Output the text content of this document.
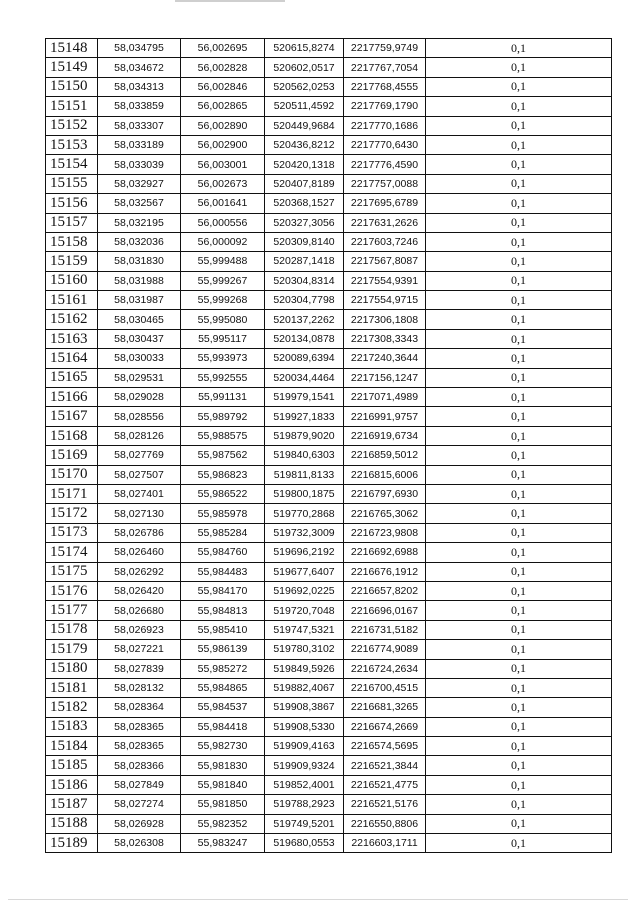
15148	58,034795	56,002695	520615,8274	2217759,9749	0,1
15149	58,034672	56,002828	520602,0517	2217767,7054	0,1
15150	58,034313	56,002846	520562,0253	2217768,4555	0,1
15151	58,033859	56,002865	520511,4592	2217769,1790	0,1
15152	58,033307	56,002890	520449,9684	2217770,1686	0,1
15153	58,033189	56,002900	520436,8212	2217770,6430	0,1
15154	58,033039	56,003001	520420,1318	2217776,4590	0,1
15155	58,032927	56,002673	520407,8189	2217757,0088	0,1
15156	58,032567	56,001641	520368,1527	2217695,6789	0,1
15157	58,032195	56,000556	520327,3056	2217631,2626	0,1
15158	58,032036	56,000092	520309,8140	2217603,7246	0,1
15159	58,031830	55,999488	520287,1418	2217567,8087	0,1
15160	58,031988	55,999267	520304,8314	2217554,9391	0,1
15161	58,031987	55,999268	520304,7798	2217554,9715	0,1
15162	58,030465	55,995080	520137,2262	2217306,1808	0,1
15163	58,030437	55,995117	520134,0878	2217308,3343	0,1
15164	58,030033	55,993973	520089,6394	2217240,3644	0,1
15165	58,029531	55,992555	520034,4464	2217156,1247	0,1
15166	58,029028	55,991131	519979,1541	2217071,4989	0,1
15167	58,028556	55,989792	519927,1833	2216991,9757	0,1
15168	58,028126	55,988575	519879,9020	2216919,6734	0,1
15169	58,027769	55,987562	519840,6303	2216859,5012	0,1
15170	58,027507	55,986823	519811,8133	2216815,6006	0,1
15171	58,027401	55,986522	519800,1875	2216797,6930	0,1
15172	58,027130	55,985978	519770,2868	2216765,3062	0,1
15173	58,026786	55,985284	519732,3009	2216723,9808	0,1
15174	58,026460	55,984760	519696,2192	2216692,6988	0,1
15175	58,026292	55,984483	519677,6407	2216676,1912	0,1
15176	58,026420	55,984170	519692,0225	2216657,8202	0,1
15177	58,026680	55,984813	519720,7048	2216696,0167	0,1
15178	58,026923	55,985410	519747,5321	2216731,5182	0,1
15179	58,027221	55,986139	519780,3102	2216774,9089	0,1
15180	58,027839	55,985272	519849,5926	2216724,2634	0,1
15181	58,028132	55,984865	519882,4067	2216700,4515	0,1
15182	58,028364	55,984537	519908,3867	2216681,3265	0,1
15183	58,028365	55,984418	519908,5330	2216674,2669	0,1
15184	58,028365	55,982730	519909,4163	2216574,5695	0,1
15185	58,028366	55,981830	519909,9324	2216521,3844	0,1
15186	58,027849	55,981840	519852,4001	2216521,4775	0,1
15187	58,027274	55,981850	519788,2923	2216521,5176	0,1
15188	58,026928	55,982352	519749,5201	2216550,8806	0,1
15189	58,026308	55,983247	519680,0553	2216603,1711	0,1
